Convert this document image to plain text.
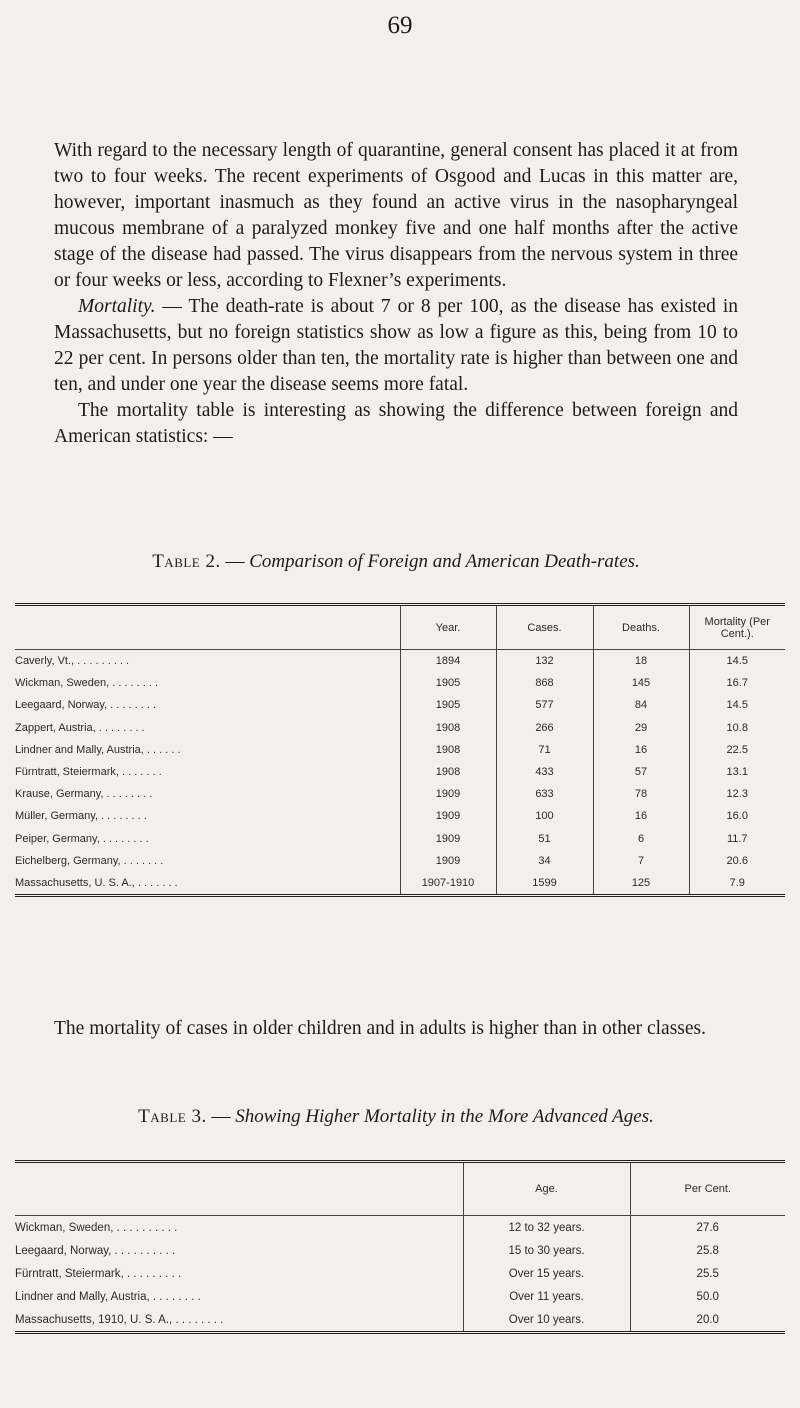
69

With regard to the necessary length of quarantine, general consent has placed it at from two to four weeks. The recent experiments of Osgood and Lucas in this matter are, however, important inasmuch as they found an active virus in the nasopharyngeal mucous membrane of a paralyzed monkey five and one half months after the active stage of the disease had passed. The virus disappears from the nervous system in three or four weeks or less, according to Flexner’s experiments.

Mortality. — The death-rate is about 7 or 8 per 100, as the disease has existed in Massachusetts, but no foreign statistics show as low a figure as this, being from 10 to 22 per cent. In persons older than ten, the mortality rate is higher than between one and ten, and under one year the disease seems more fatal.

The mortality table is interesting as showing the difference between foreign and American statistics: —

Table 2. — Comparison of Foreign and American Death-rates.
	Year.	Cases.	Deaths.	Mortality (Per Cent.).
Caverly, Vt., . . . . . . . . .	1894	132	18	14.5
Wickman, Sweden, . . . . . . . .	1905	868	145	16.7
Leegaard, Norway, . . . . . . . .	1905	577	84	14.5
Zappert, Austria, . . . . . . . .	1908	266	29	10.8
Lindner and Mally, Austria, . . . . . .	1908	71	16	22.5
Fürntratt, Steiermark, . . . . . . .	1908	433	57	13.1
Krause, Germany, . . . . . . . .	1909	633	78	12.3
Müller, Germany, . . . . . . . .	1909	100	16	16.0
Peiper, Germany, . . . . . . . .	1909	51	6	11.7
Eichelberg, Germany, . . . . . . .	1909	34	7	20.6
Massachusetts, U. S. A., . . . . . . .	1907-1910	1599	125	7.9

The mortality of cases in older children and in adults is higher than in other classes.
Table 3. — Showing Higher Mortality in the More Advanced Ages.
	Age.	Per Cent.
Wickman, Sweden, . . . . . . . . . .	12 to 32 years.	27.6
Leegaard, Norway, . . . . . . . . . .	15 to 30 years.	25.8
Fürntratt, Steiermark, . . . . . . . . .	Over 15 years.	25.5
Lindner and Mally, Austria, . . . . . . . .	Over 11 years.	50.0
Massachusetts, 1910, U. S. A., . . . . . . . .	Over 10 years.	20.0
